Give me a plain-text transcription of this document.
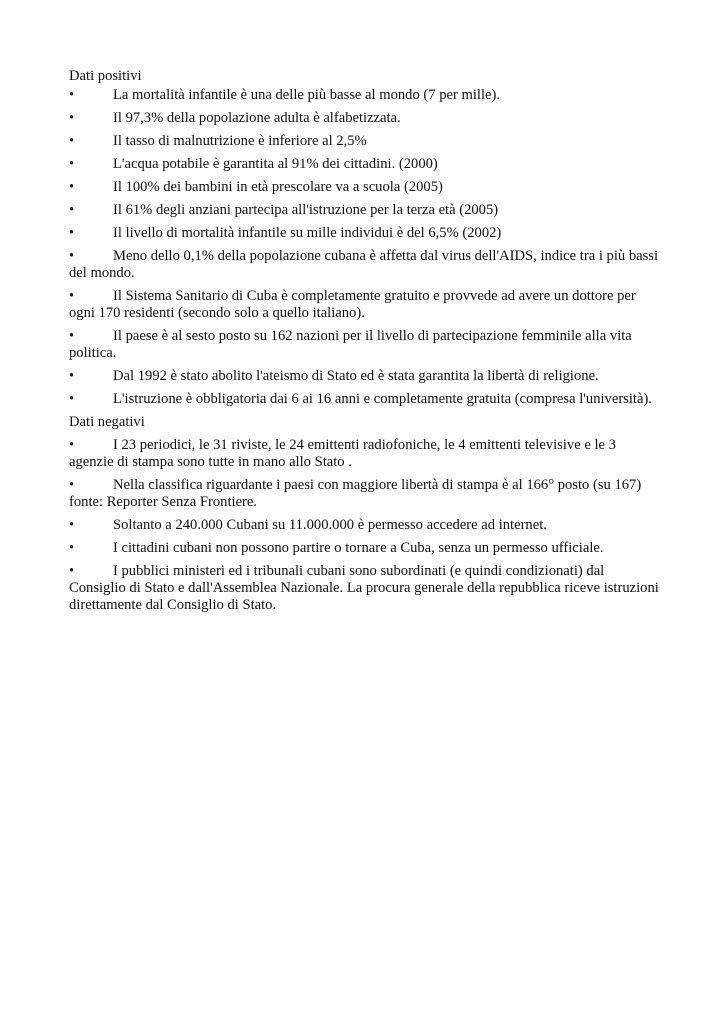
Dati positivi
•	La mortalità infantile è una delle più basse al mondo (7 per mille).
•	Il 97,3% della popolazione adulta è alfabetizzata.
•	Il tasso di malnutrizione è inferiore al 2,5%
•	L'acqua potabile è garantita al 91% dei cittadini. (2000)
•	Il 100% dei bambini in età prescolare va a scuola (2005)
•	Il 61% degli anziani partecipa all'istruzione per la terza età (2005)
•	Il livello di mortalità infantile su mille individui è del 6,5% (2002)
•	Meno dello 0,1% della popolazione cubana è affetta dal virus dell'AIDS, indice tra i più bassi del mondo.
•	Il Sistema Sanitario di Cuba è completamente gratuito e provvede ad avere un dottore per ogni 170 residenti (secondo solo a quello italiano).
•	Il paese è al sesto posto su 162 nazioni per il livello di partecipazione femminile alla vita politica.
•	Dal 1992 è stato abolito l'ateismo di Stato ed è stata garantita la libertà di religione.
•	L'istruzione è obbligatoria dai 6 ai 16 anni e completamente gratuita (compresa l'università).
Dati negativi
•	I 23 periodici, le 31 riviste, le 24 emittenti radiofoniche, le 4 emittenti televisive e le 3 agenzie di stampa sono tutte in mano allo Stato .
•	Nella classifica riguardante i paesi con maggiore libertà di stampa è al 166° posto (su 167) fonte: Reporter Senza Frontiere.
•	Soltanto a 240.000 Cubani su 11.000.000 è permesso accedere ad internet.
•	I cittadini cubani non possono partire o tornare a Cuba, senza un permesso ufficiale.
•	I pubblici ministeri ed i tribunali cubani sono subordinati (e quindi condizionati) dal Consiglio di Stato e dall'Assemblea Nazionale. La procura generale della repubblica riceve istruzioni direttamente dal Consiglio di Stato.
